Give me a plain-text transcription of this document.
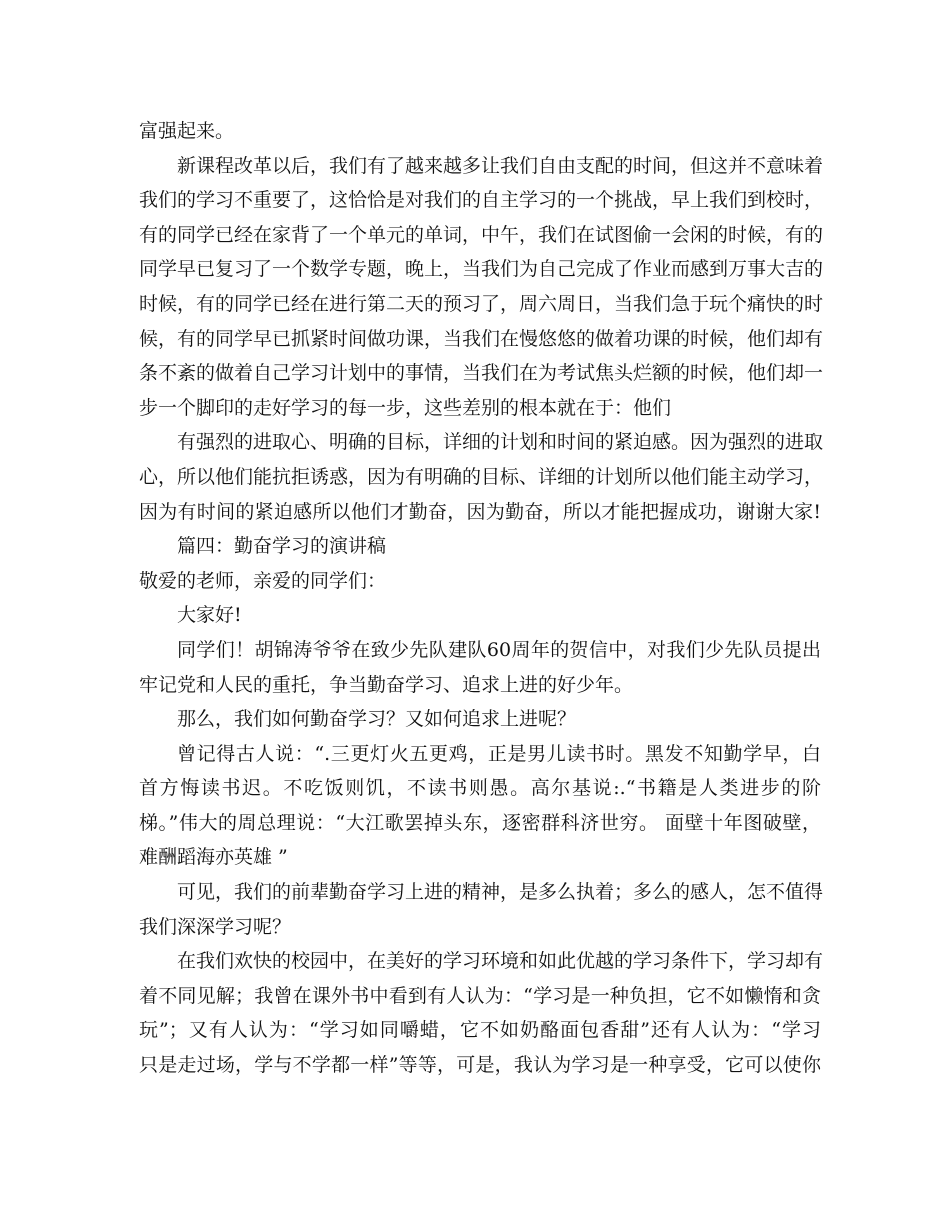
富强起来。
新课程改革以后，我们有了越来越多让我们自由支配的时间，但这并不意味着
我们的学习不重要了，这恰恰是对我们的自主学习的一个挑战，早上我们到校时，
有的同学已经在家背了一个单元的单词，中午，我们在试图偷一会闲的时候，有的
同学早已复习了一个数学专题，晚上，当我们为自己完成了作业而感到万事大吉的
时候，有的同学已经在进行第二天的预习了，周六周日，当我们急于玩个痛快的时
候，有的同学早已抓紧时间做功课，当我们在慢悠悠的做着功课的时候，他们却有
条不紊的做着自己学习计划中的事情，当我们在为考试焦头烂额的时候，他们却一
步一个脚印的走好学习的每一步，这些差别的根本就在于：他们
有强烈的进取心、明确的目标，详细的计划和时间的紧迫感。因为强烈的进取
心，所以他们能抗拒诱惑，因为有明确的目标、详细的计划所以他们能主动学习，
因为有时间的紧迫感所以他们才勤奋，因为勤奋，所以才能把握成功，谢谢大家!
篇四：勤奋学习的演讲稿
敬爱的老师，亲爱的同学们：
大家好!
同学们！胡锦涛爷爷在致少先队建队60周年的贺信中，对我们少先队员提出
牢记党和人民的重托，争当勤奋学习、追求上进的好少年。
那么，我们如何勤奋学习？又如何追求上进呢？
曾记得古人说：“.三更灯火五更鸡，正是男儿读书时。黑发不知勤学早，白
首方悔读书迟。不吃饭则饥，不读书则愚。高尔基说:.“书籍是人类进步的阶
梯。”伟大的周总理说：“大江歌罢掉头东，逐密群科济世穷。 面壁十年图破壁，
难酬蹈海亦英雄 ”
可见，我们的前辈勤奋学习上进的精神，是多么执着；多么的感人，怎不值得
我们深深学习呢？
在我们欢快的校园中，在美好的学习环境和如此优越的学习条件下，学习却有
着不同见解；我曾在课外书中看到有人认为：“学习是一种负担，它不如懒惰和贪
玩”；又有人认为：“学习如同嚼蜡，它不如奶酪面包香甜”还有人认为：“学习
只是走过场，学与不学都一样”等等，可是，我认为学习是一种享受，它可以使你
